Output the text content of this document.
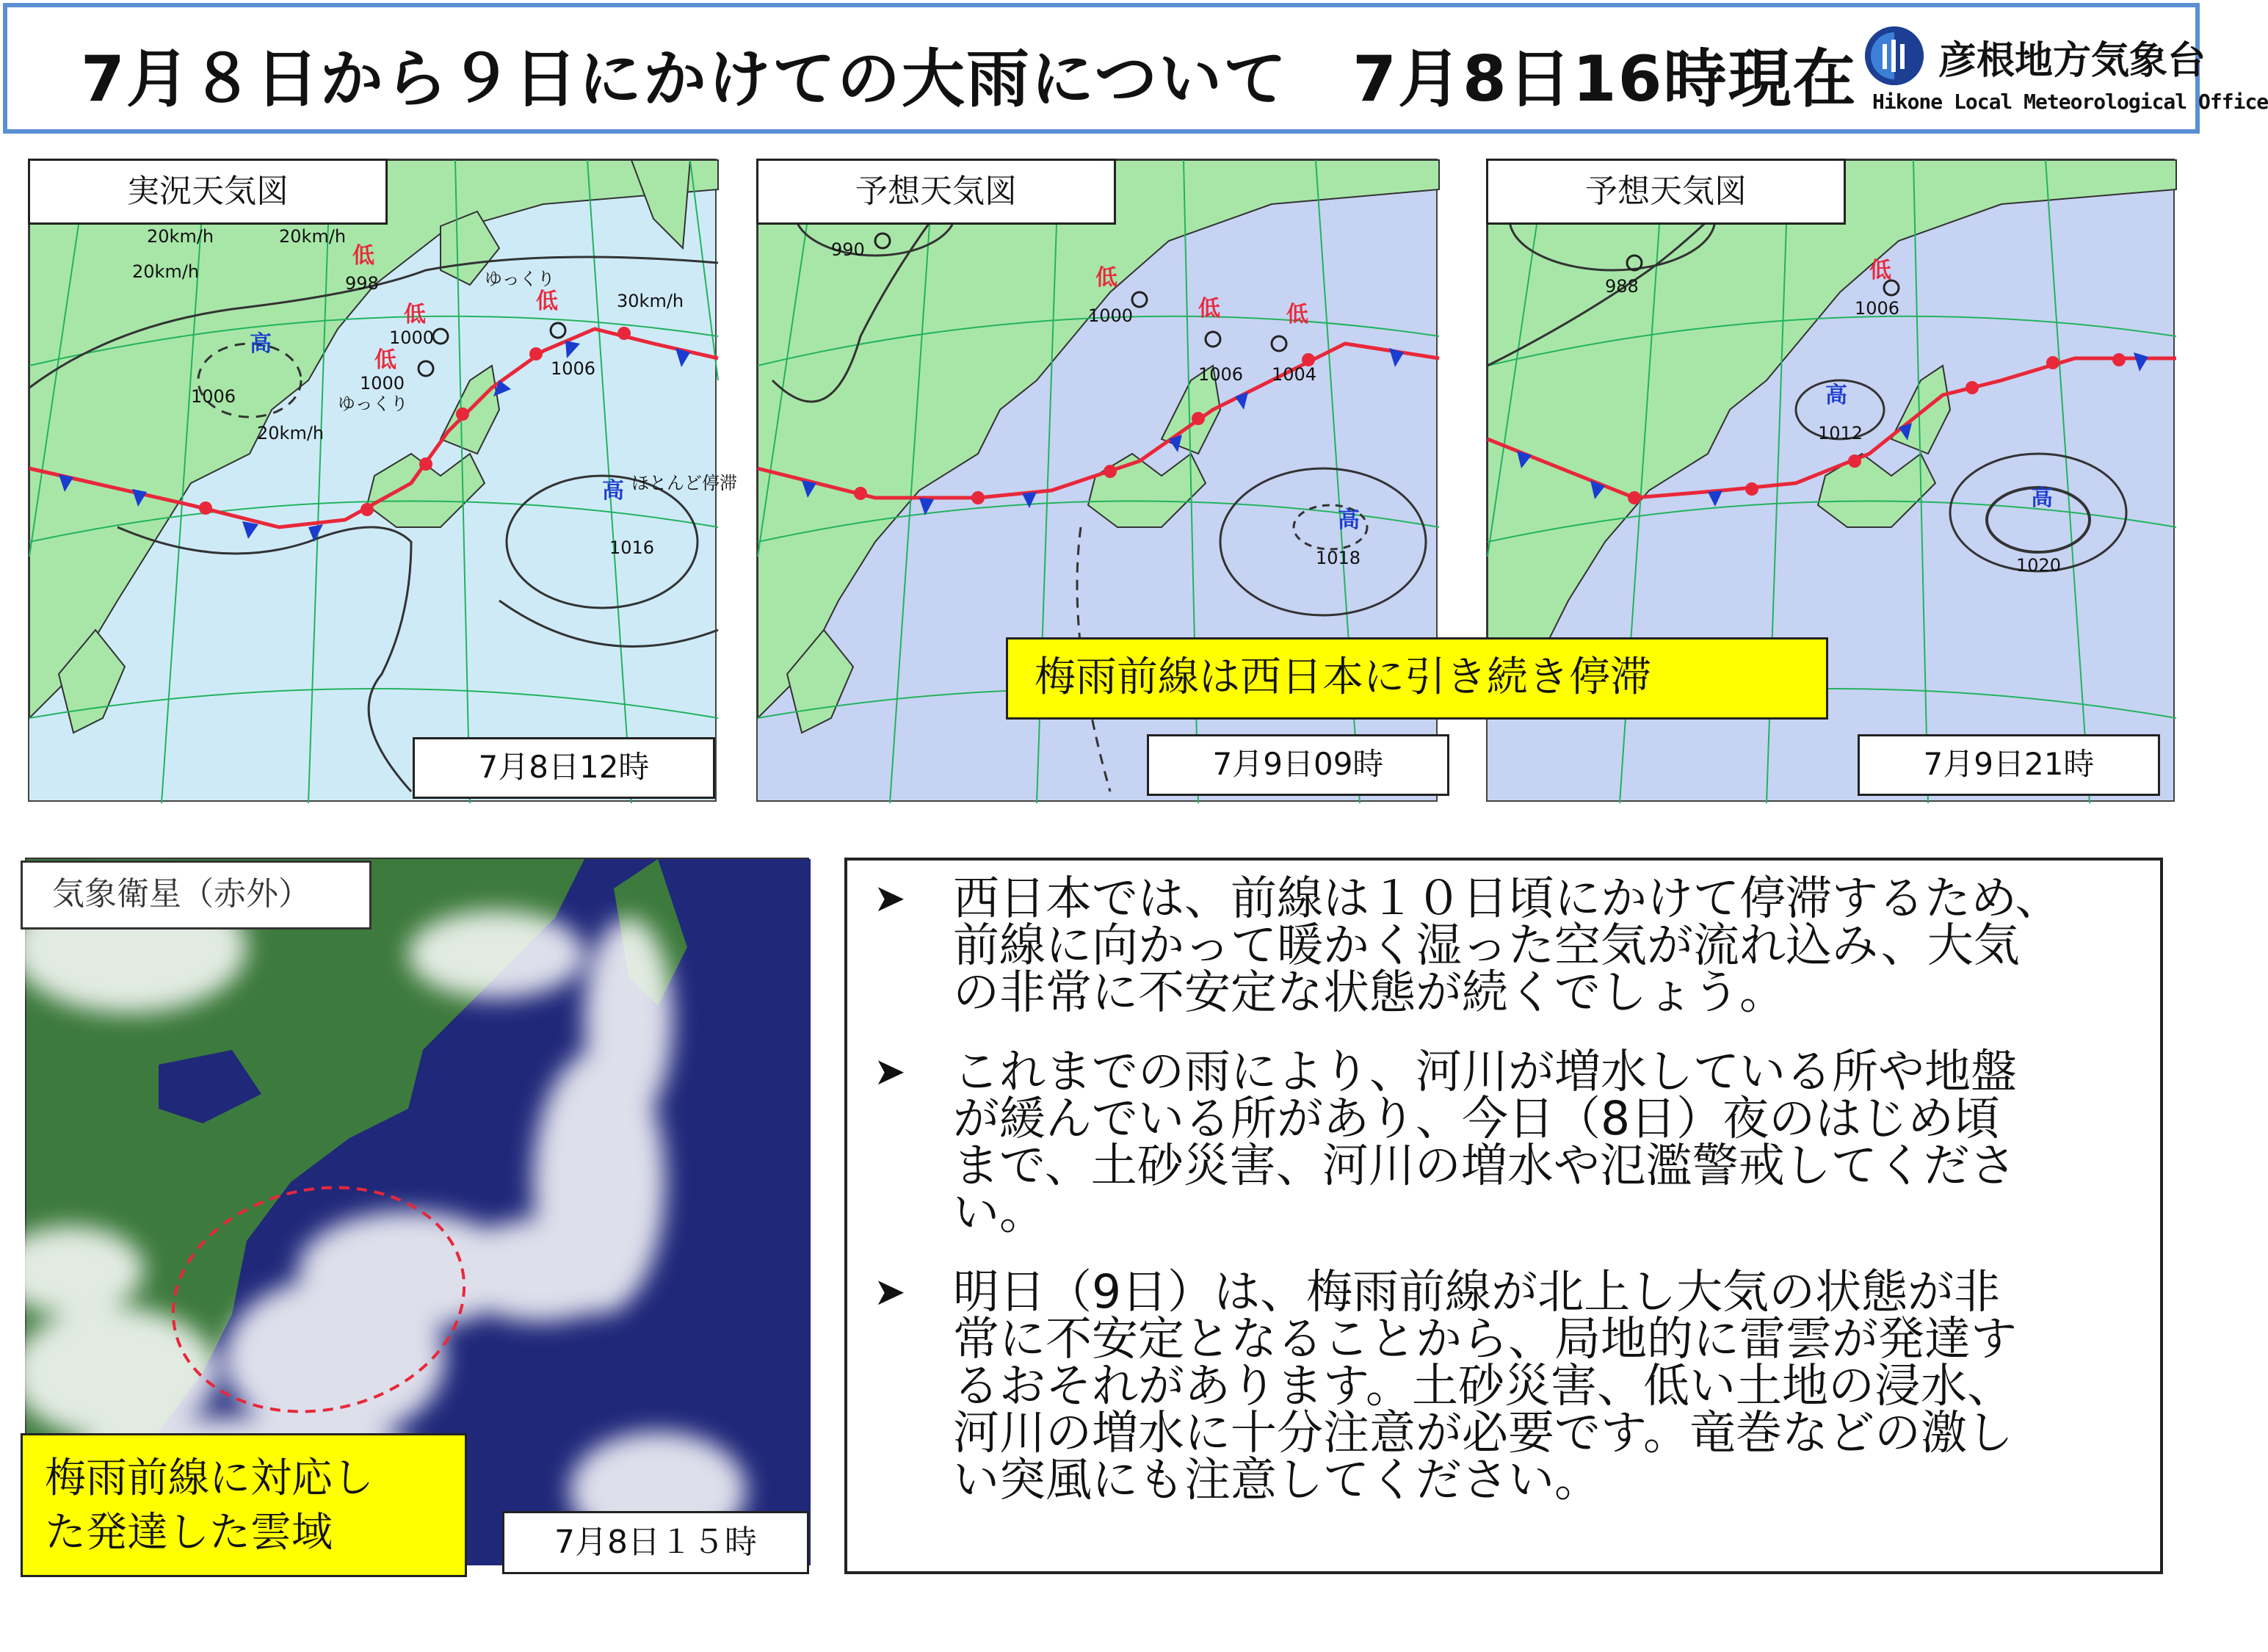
7月８日から９日にかけての大雨について　7月8日16時現在 彦根地方気象台
Hikone Local Meteorological Office
20km/h	20km/h
20km/h
20km/h
30km/h
998
1000
1000
1006
1006
1016
ゆっくり
ゆっくり
ほとんど停滞
低
低
低
低
高
高
実況天気図
7月8日12時
990
1000
1006 1004
1018
低
低	低
高
予想天気図
7月9日09時
988
1006
1012
1020
低
高
高
予想天気図
7月9日21時
梅雨前線は西日本に引き続き停滞
気象衛星（赤外）
梅雨前線に対応し
た発達した雲域	7月8日１５時
➤ 西日本では、前線は１０日頃にかけて停滞するため、
前線に向かって暖かく湿った空気が流れ込み、大気
の非常に不安定な状態が続くでしょう。
➤ これまでの雨により、河川が増水している所や地盤
が緩んでいる所があり、今日（8日）夜のはじめ頃
まで、土砂災害、河川の増水や氾濫警戒してくださ
い。
➤ 明日（9日）は、梅雨前線が北上し大気の状態が非
常に不安定となることから、局地的に雷雲が発達す
るおそれがあります。土砂災害、低い土地の浸水、
河川の増水に十分注意が必要です。竜巻などの激し
い突風にも注意してください。
